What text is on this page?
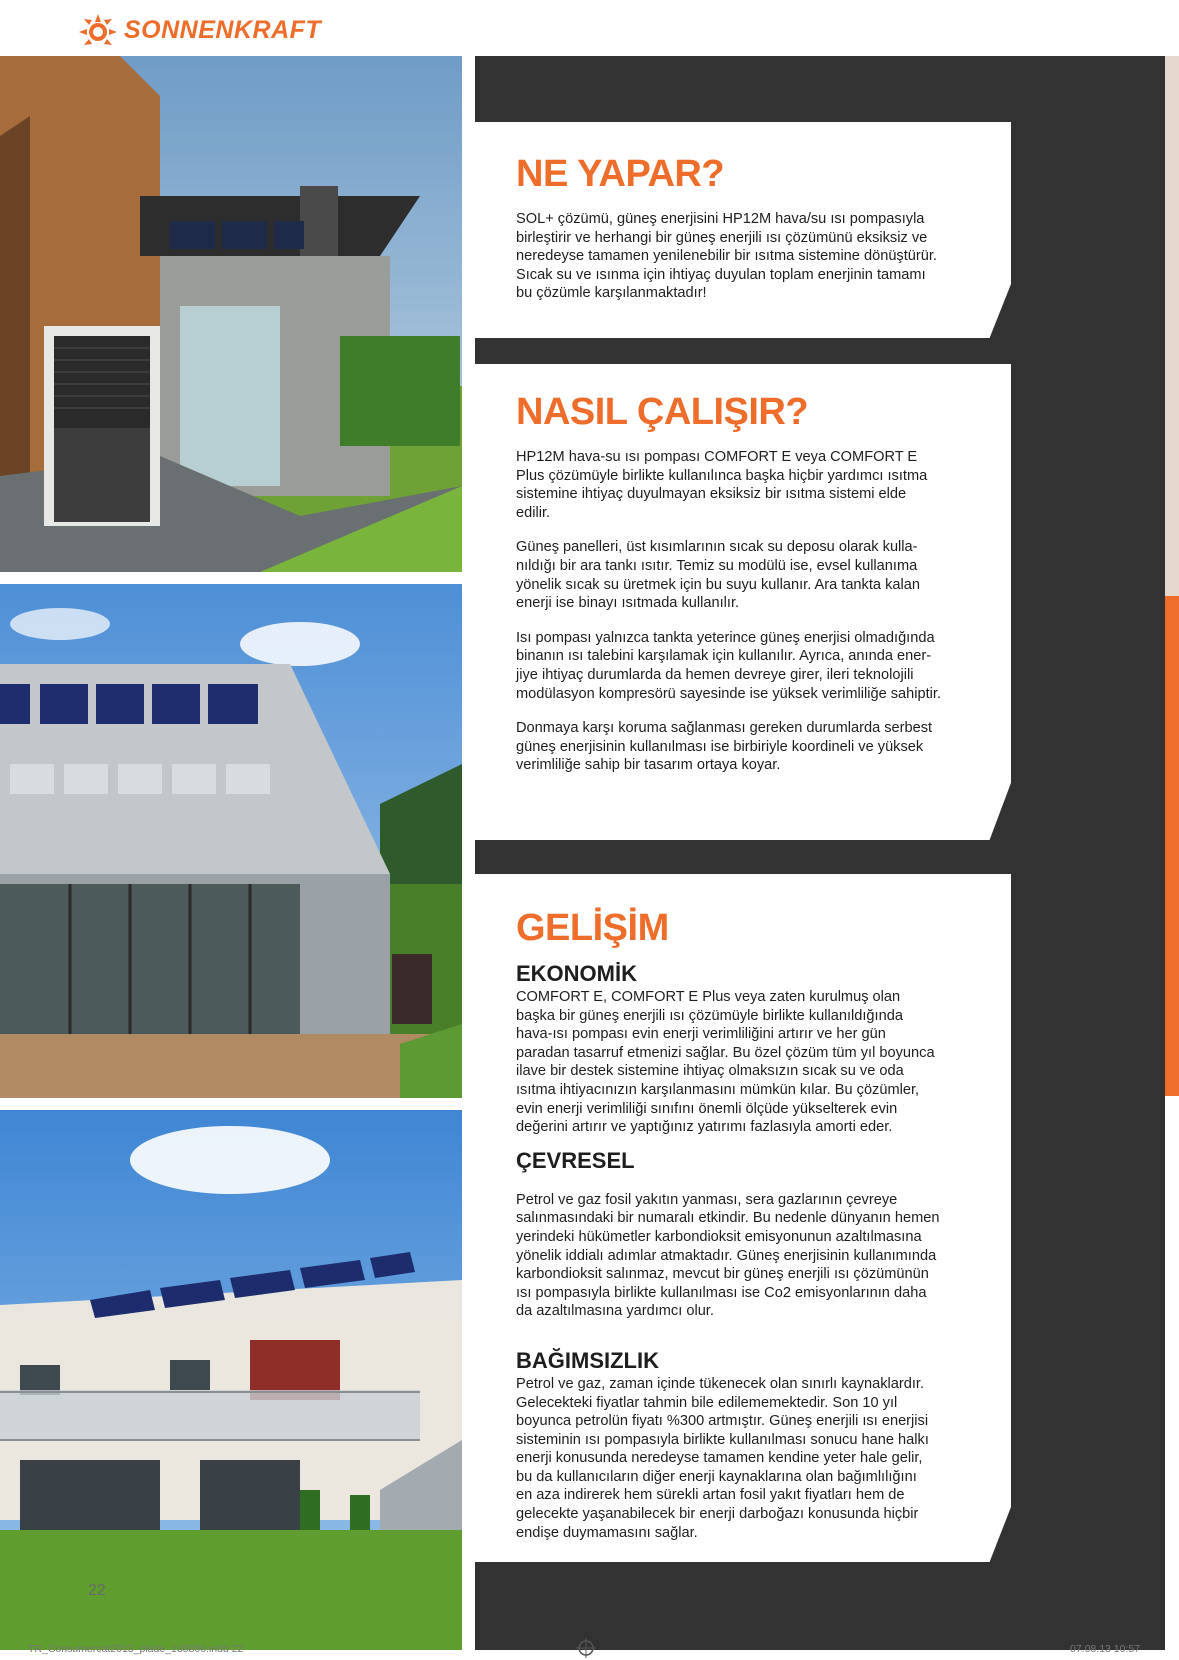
SONNENKRAFT
NE YAPAR?

SOL+ çözümü, güneş enerjisini HP12M hava/su ısı pompasıyla
birleştirir ve herhangi bir güneş enerjili ısı çözümünü eksiksiz ve
neredeyse tamamen yenilenebilir bir ısıtma sistemine dönüştürür.
Sıcak su ve ısınma için ihtiyaç duyulan toplam enerjinin tamamı
bu çözümle karşılanmaktadır!

NASIL ÇALIŞIR?

HP12M hava-su ısı pompası COMFORT E veya COMFORT E
Plus çözümüyle birlikte kullanılınca başka hiçbir yardımcı ısıtma
sistemine ihtiyaç duyulmayan eksiksiz bir ısıtma sistemi elde
edilir.

Güneş panelleri, üst kısımlarının sıcak su deposu olarak kulla-
nıldığı bir ara tankı ısıtır. Temiz su modülü ise, evsel kullanıma
yönelik sıcak su üretmek için bu suyu kullanır. Ara tankta kalan
enerji ise binayı ısıtmada kullanılır.

Isı pompası yalnızca tankta yeterince güneş enerjisi olmadığında
binanın ısı talebini karşılamak için kullanılır. Ayrıca, anında ener-
jiye ihtiyaç durumlarda da hemen devreye girer, ileri teknolojili
modülasyon kompresörü sayesinde ise yüksek verimliliğe sahiptir.

Donmaya karşı koruma sağlanması gereken durumlarda serbest
güneş enerjisinin kullanılması ise birbiriyle koordineli ve yüksek
verimliliğe sahip bir tasarım ortaya koyar.

GELİŞİM
EKONOMİK

COMFORT E, COMFORT E Plus veya zaten kurulmuş olan
başka bir güneş enerjili ısı çözümüyle birlikte kullanıldığında
hava-ısı pompası evin enerji verimliliğini artırır ve her gün
paradan tasarruf etmenizi sağlar. Bu özel çözüm tüm yıl boyunca
ilave bir destek sistemine ihtiyaç olmaksızın sıcak su ve oda
ısıtma ihtiyacınızın karşılanmasını mümkün kılar. Bu çözümler,
evin enerji verimliliği sınıfını önemli ölçüde yükselterek evin
değerini artırır ve yaptığınız yatırımı fazlasıyla amorti eder.

ÇEVRESEL

Petrol ve gaz fosil yakıtın yanması, sera gazlarının çevreye
salınmasındaki bir numaralı etkindir. Bu nedenle dünyanın hemen
yerindeki hükümetler karbondioksit emisyonunun azaltılmasına
yönelik iddialı adımlar atmaktadır. Güneş enerjisinin kullanımında
karbondioksit salınmaz, mevcut bir güneş enerjili ısı çözümünün
ısı pompasıyla birlikte kullanılması ise Co2 emisyonlarının daha
da azaltılmasına yardımcı olur.

BAĞIMSIZLIK

Petrol ve gaz, zaman içinde tükenecek olan sınırlı kaynaklardır.
Gelecekteki fiyatlar tahmin bile edilememektedir. Son 10 yıl
boyunca petrolün fiyatı %300 artmıştır. Güneş enerjili ısı enerjisi
sisteminin ısı pompasıyla birlikte kullanılması sonucu hane halkı
enerji konusunda neredeyse tamamen kendine yeter hale gelir,
bu da kullanıcıların diğer enerji kaynaklarına olan bağımlılığını
en aza indirerek hem sürekli artan fosil yakıt fiyatları hem de
gelecekte yaşanabilecek bir enerji darboğazı konusunda hiçbir
endişe duymamasını sağlar.

22
TR_Consumercat2013_plade_130806.indd 22	07.08.13 10:57
